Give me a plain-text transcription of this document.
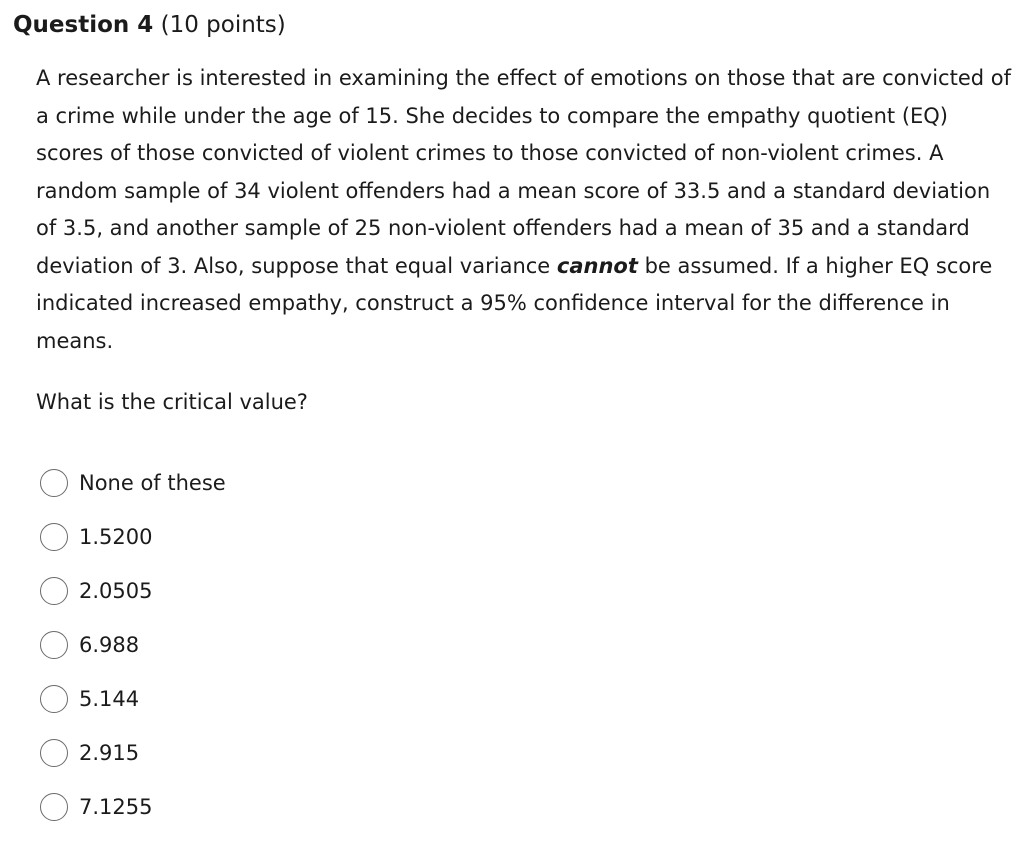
Question 4 (10 points)

A researcher is interested in examining the effect of emotions on those that are convicted of a crime while under the age of 15. She decides to compare the empathy quotient (EQ) scores of those convicted of violent crimes to those convicted of non-violent crimes. A random sample of 34 violent offenders had a mean score of 33.5 and a standard deviation of 3.5, and another sample of 25 non-violent offenders had a mean of 35 and a standard deviation of 3. Also, suppose that equal variance cannot be assumed. If a higher EQ score indicated increased empathy, construct a 95% confidence interval for the difference in means.

What is the critical value?
None of these
1.5200
2.0505
6.988
5.144
2.915
7.1255
